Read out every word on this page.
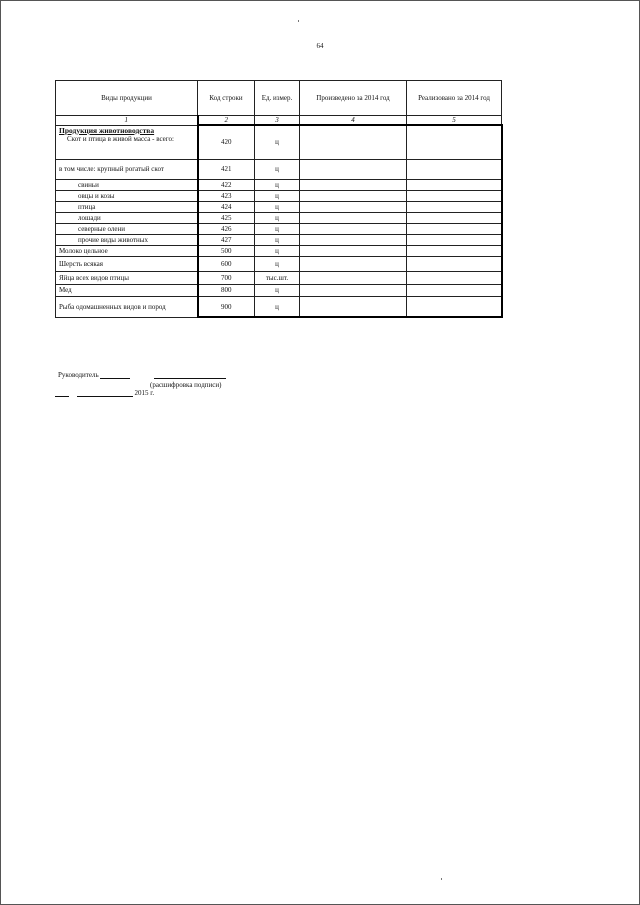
64
Виды продукции	Код строки	Ед. измер.	Произведено за 2014 год	Реализовано за 2014 год
1	2	3	4	5

Продукция животноводства
Скот и птица в живой масса - всего:	420	ц		
в том числе: крупный рогатый скот	421	ц		
свиньи	422	ц		
овцы и козы	423	ц		
птица	424	ц		
лошади	425	ц		
северные олени	426	ц		
прочие виды животных	427	ц		
Молоко цельное	500	ц		
Шерсть всякая	600	ц		
Яйца всех видов птицы	700	тыс.шт.		
Мед	800	ц		
Рыба одомашненных видов и пород	900	ц		
Руководитель
(расшифровка подписи)
2015 г.
